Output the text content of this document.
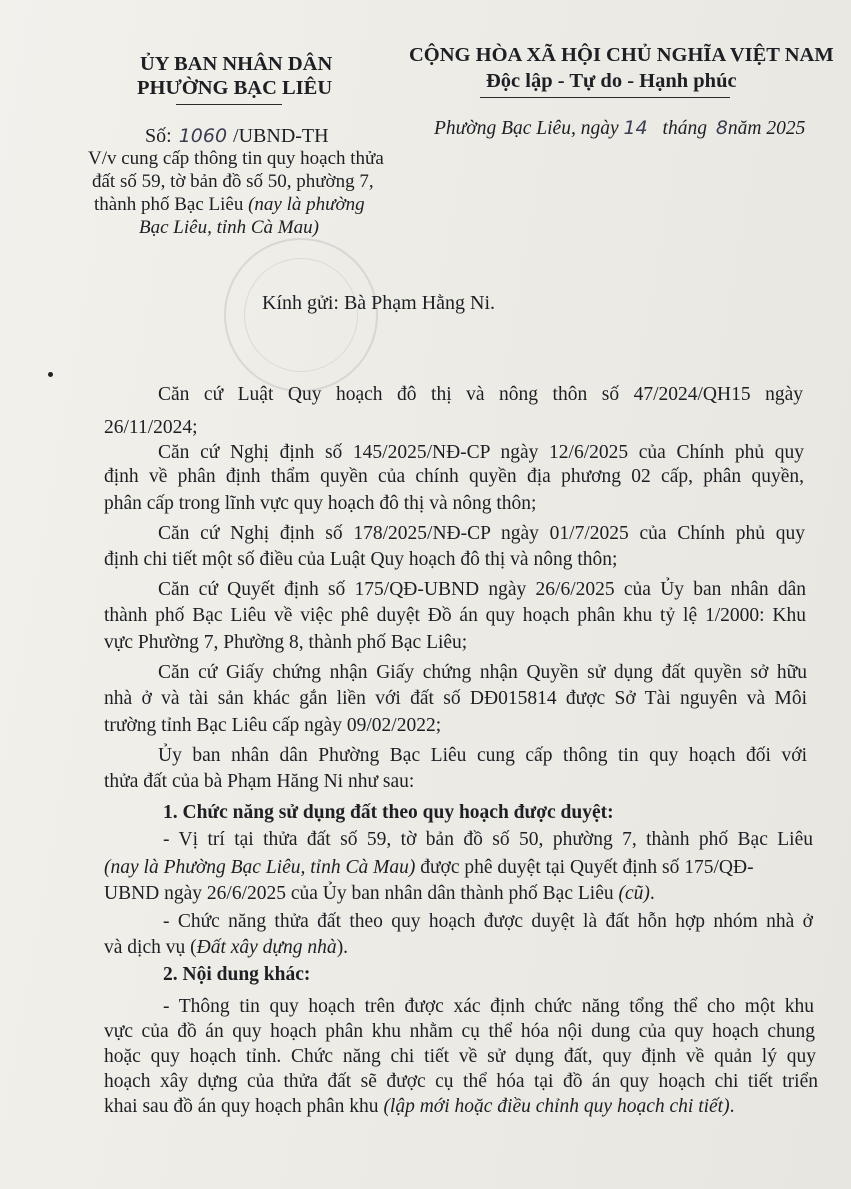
ỦY BAN NHÂN DÂN
PHƯỜNG BẠC LIÊU
CỘNG HÒA XÃ HỘI CHỦ NGHĨA VIỆT NAM
Độc lập - Tự do - Hạnh phúc
Số: 1060 /UBND-TH	Phường Bạc Liêu, ngày 14 tháng 8năm 2025
V/v cung cấp thông tin quy hoạch thửa
đất số 59, tờ bản đồ số 50, phường 7,
thành phố Bạc Liêu (nay là phường
Bạc Liêu, tỉnh Cà Mau)
Kính gửi: Bà Phạm Hằng Ni.
Căn cứ Luật Quy hoạch đô thị và nông thôn số 47/2024/QH15 ngày
26/11/2024;
Căn cứ Nghị định số 145/2025/NĐ-CP ngày 12/6/2025 của Chính phủ quy
định về phân định thẩm quyền của chính quyền địa phương 02 cấp, phân quyền,
phân cấp trong lĩnh vực quy hoạch đô thị và nông thôn;
Căn cứ Nghị định số 178/2025/NĐ-CP ngày 01/7/2025 của Chính phủ quy
định chi tiết một số điều của Luật Quy hoạch đô thị và nông thôn;
Căn cứ Quyết định số 175/QĐ-UBND ngày 26/6/2025 của Ủy ban nhân dân
thành phố Bạc Liêu về việc phê duyệt Đồ án quy hoạch phân khu tỷ lệ 1/2000: Khu
vực Phường 7, Phường 8, thành phố Bạc Liêu;
Căn cứ Giấy chứng nhận Giấy chứng nhận Quyền sử dụng đất quyền sở hữu
nhà ở và tài sản khác gắn liền với đất số DĐ015814 được Sở Tài nguyên và Môi
trường tỉnh Bạc Liêu cấp ngày 09/02/2022;
Ủy ban nhân dân Phường Bạc Liêu cung cấp thông tin quy hoạch đối với
thửa đất của bà Phạm Hăng Ni như sau:
1. Chức năng sử dụng đất theo quy hoạch được duyệt:
- Vị trí tại thửa đất số 59, tờ bản đồ số 50, phường 7, thành phố Bạc Liêu
(nay là Phường Bạc Liêu, tỉnh Cà Mau) được phê duyệt tại Quyết định số 175/QĐ-
UBND ngày 26/6/2025 của Ủy ban nhân dân thành phố Bạc Liêu (cũ).
- Chức năng thửa đất theo quy hoạch được duyệt là đất hỗn hợp nhóm nhà ở
và dịch vụ (Đất xây dựng nhà).
2. Nội dung khác:
- Thông tin quy hoạch trên được xác định chức năng tổng thể cho một khu
vực của đồ án quy hoạch phân khu nhằm cụ thể hóa nội dung của quy hoạch chung
hoặc quy hoạch tỉnh. Chức năng chi tiết về sử dụng đất, quy định về quản lý quy
hoạch xây dựng của thửa đất sẽ được cụ thể hóa tại đồ án quy hoạch chi tiết triển
khai sau đồ án quy hoạch phân khu (lập mới hoặc điều chỉnh quy hoạch chi tiết).
